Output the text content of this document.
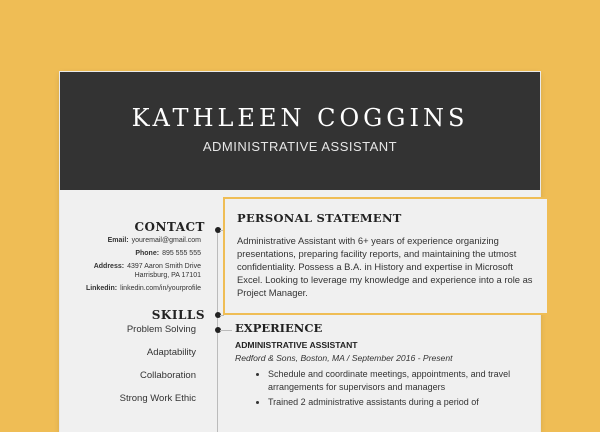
KATHLEEN COGGINS
ADMINISTRATIVE ASSISTANT
CONTACT
Email: youremail@gmail.com
Phone: 895 555 555
Address: 4397 Aaron Smith Drive
Harrisburg, PA 17101
Linkedin: linkedin.com/in/yourprofile
SKILLS
Problem Solving
Adaptability
Collaboration
Strong Work Ethic
EXPERIENCE
ADMINISTRATIVE ASSISTANT
Redford & Sons, Boston, MA / September 2016 - Present
Schedule and coordinate meetings, appointments, and travel arrangements for supervisors and managers
Trained 2 administrative assistants during a period of
PERSONAL STATEMENT
Administrative Assistant with 6+ years of experience organizing presentations, preparing facility reports, and maintaining the utmost confidentiality. Possess a B.A. in History and expertise in Microsoft Excel. Looking to leverage my knowledge and experience into a role as Project Manager.
